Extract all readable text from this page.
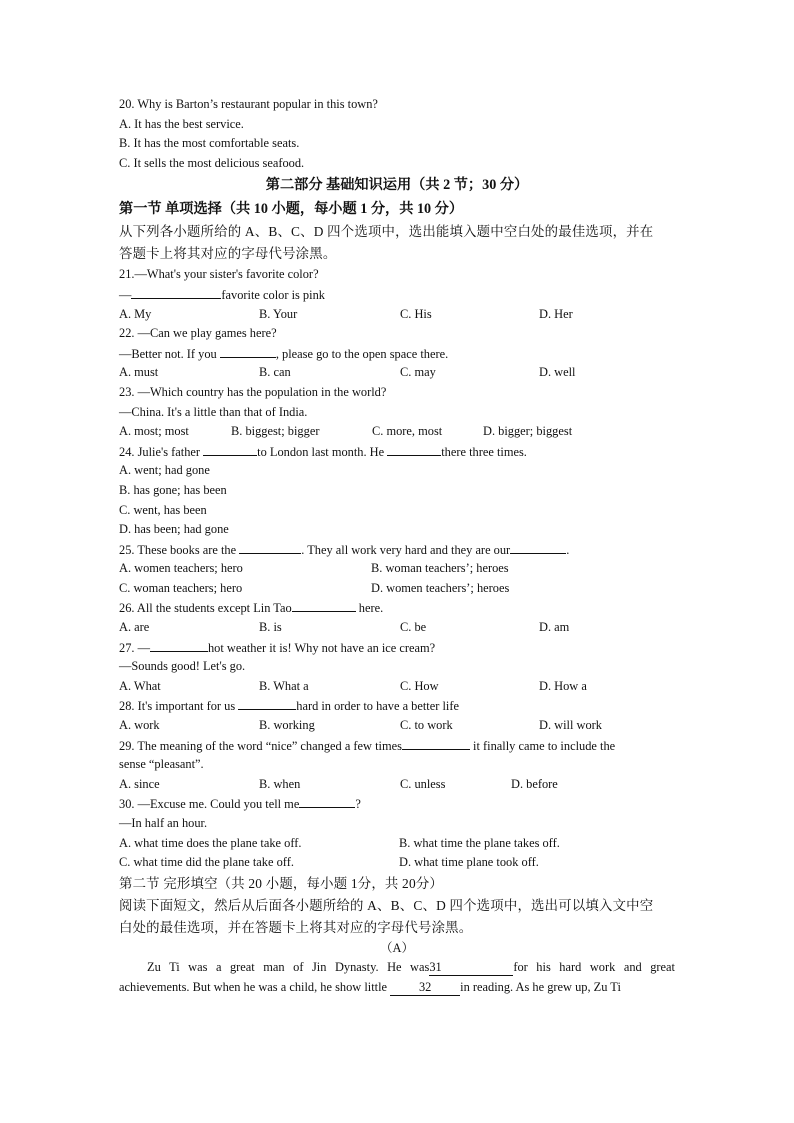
20. Why is Barton’s restaurant popular in this town?
A. It has the best service.
B. It has the most comfortable seats.
C. It sells the most delicious seafood.
第二部分 基础知识运用（共 2 节；30 分）
第一节 单项选择（共 10 小题，每小题 1 分，共 10 分）
从下列各小题所给的 A、B、C、D 四个选项中，选出能填入题中空白处的最佳选项，并在
答题卡上将其对应的字母代号涂黑。
21.—What's your sister's favorite color?
—	favorite color is pink
A. My	B. Your	C. His	D. Her
22. —Can we play games here?
—Better not. If you	, please go to the open space there.
A. must	B. can	C. may	D. well
23. —Which country has the population in the world?
—China. It's a little than that of India.
A. most; most	B. biggest; bigger	C. more, most	D. bigger; biggest
24. Julie's father	to London last month. He	there three times.
A. went; had gone
B. has gone; has been
C. went, has been
D. has been; had gone
25. These books are the	. They all work very hard and they are our	.
A. women teachers; hero	B. woman teachers’; heroes
C. woman teachers; hero	D. women teachers’; heroes
26. All the students except Lin Tao	here.
A. are	B. is	C. be	D. am
27. —	hot weather it is! Why not have an ice cream?
—Sounds good! Let's go.
A. What	B. What a	C. How	D. How a
28. It's important for us	hard in order to have a better life
A. work	B. working	C. to work	D. will work
29. The meaning of the word “nice” changed a few times	it finally came to include the
sense “pleasant”.
A. since	B. when	C. unless	D. before
30. —Excuse me. Could you tell me	?
—In half an hour.
A. what time does the plane take off.	B. what time the plane takes off.
C. what time did the plane take off.	D. what time plane took off.
第二节 完形填空（共 20 小题，每小题 1分，共 20分）
阅读下面短文，然后从后面各小题所给的 A、B、C、D 四个选项中，选出可以填入文中空
白处的最佳选项，并在答题卡上将其对应的字母代号涂黑。
（A）
Zu Ti was a great man of Jin Dynasty. He was31	for his hard work and great
achievements. But when he was a child, he show little 32 in reading. As he grew up, Zu Ti
